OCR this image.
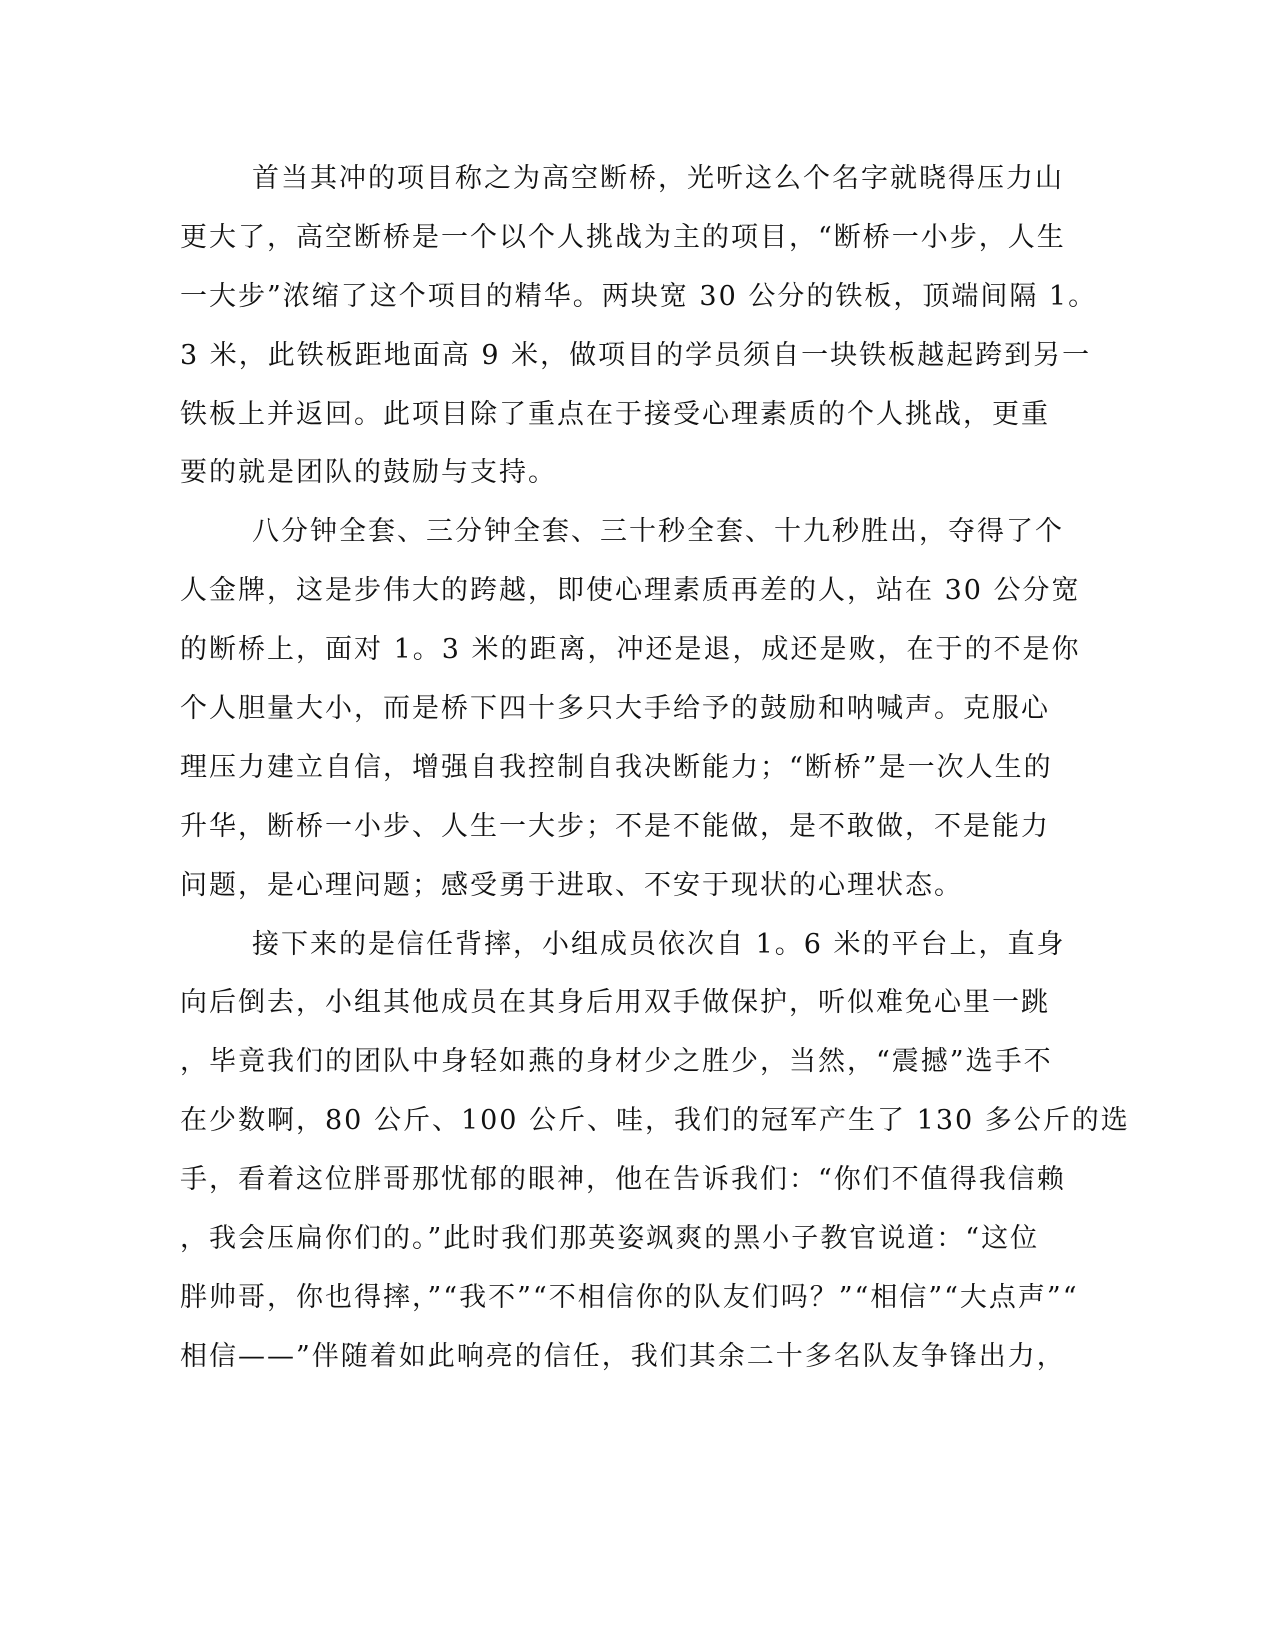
首当其冲的项目称之为高空断桥，光听这么个名字就晓得压力山
更大了，高空断桥是一个以个人挑战为主的项目，“断桥一小步，人生
一大步”浓缩了这个项目的精华。两块宽 30 公分的铁板，顶端间隔 1。
3 米，此铁板距地面高 9 米，做项目的学员须自一块铁板越起跨到另一
铁板上并返回。此项目除了重点在于接受心理素质的个人挑战，更重
要的就是团队的鼓励与支持。
八分钟全套、三分钟全套、三十秒全套、十九秒胜出，夺得了个
人金牌，这是步伟大的跨越，即使心理素质再差的人，站在 30 公分宽
的断桥上，面对 1。3 米的距离，冲还是退，成还是败，在于的不是你
个人胆量大小，而是桥下四十多只大手给予的鼓励和呐喊声。克服心
理压力建立自信，增强自我控制自我决断能力；“断桥”是一次人生的
升华，断桥一小步、人生一大步；不是不能做，是不敢做，不是能力
问题，是心理问题；感受勇于进取、不安于现状的心理状态。
接下来的是信任背摔，小组成员依次自 1。6 米的平台上，直身
向后倒去，小组其他成员在其身后用双手做保护，听似难免心里一跳
，毕竟我们的团队中身轻如燕的身材少之胜少，当然，“震撼”选手不
在少数啊，80 公斤、100 公斤、哇，我们的冠军产生了 130 多公斤的选
手，看着这位胖哥那忧郁的眼神，他在告诉我们：“你们不值得我信赖
，我会压扁你们的。”此时我们那英姿飒爽的黑小子教官说道：“这位
胖帅哥，你也得摔，”“我不”“不相信你的队友们吗？”“相信”“大点声”“
相信——”伴随着如此响亮的信任，我们其余二十多名队友争锋出力，
